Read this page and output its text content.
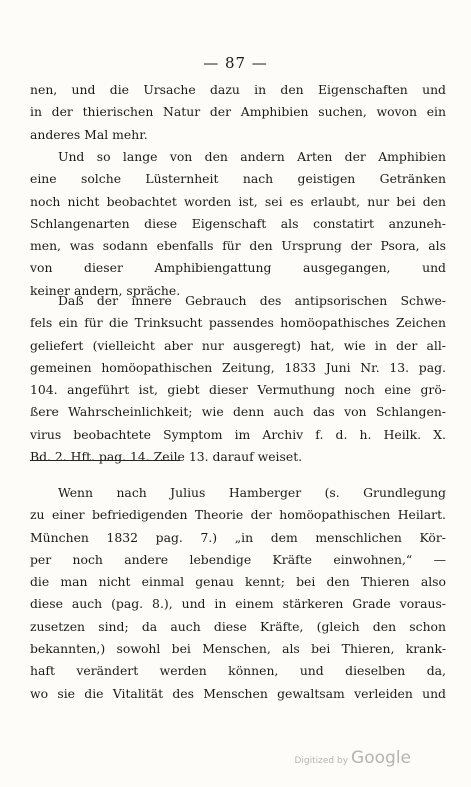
— 87 —
nen, und die Ursache dazu in den Eigenschaften und
in der thierischen Natur der Amphibien suchen, wovon ein
anderes Mal mehr.
Und so lange von den andern Arten der Amphibien
eine solche Lüsternheit nach geistigen Getränken
noch nicht beobachtet worden ist, sei es erlaubt, nur bei den
Schlangenarten diese Eigenschaft als constatirt anzuneh-
men, was sodann ebenfalls für den Ursprung der Psora, als
von dieser Amphibiengattung ausgegangen, und
keiner andern, spräche.
Daß der innere Gebrauch des antipsorischen Schwe-
fels ein für die Trinksucht passendes homöopathisches Zeichen
geliefert (vielleicht aber nur ausgeregt) hat, wie in der all-
gemeinen homöopathischen Zeitung, 1833 Juni Nr. 13. pag.
104. angeführt ist, giebt dieser Vermuthung noch eine grö-
ßere Wahrscheinlichkeit; wie denn auch das von Schlangen-
virus beobachtete Symptom im Archiv f. d. h. Heilk. X.
Bd. 2. Hft. pag. 14. Zeile 13. darauf weiset.
Wenn nach Julius Hamberger (s. Grundlegung
zu einer befriedigenden Theorie der homöopathischen Heilart.
München 1832 pag. 7.) „in dem menschlichen Kör-
per noch andere lebendige Kräfte einwohnen,“ —
die man nicht einmal genau kennt; bei den Thieren also
diese auch (pag. 8.), und in einem stärkeren Grade voraus-
zusetzen sind; da auch diese Kräfte, (gleich den schon
bekannten,) sowohl bei Menschen, als bei Thieren, krank-
haft verändert werden können, und dieselben da,
wo sie die Vitalität des Menschen gewaltsam verleiden und
Digitized by Google
